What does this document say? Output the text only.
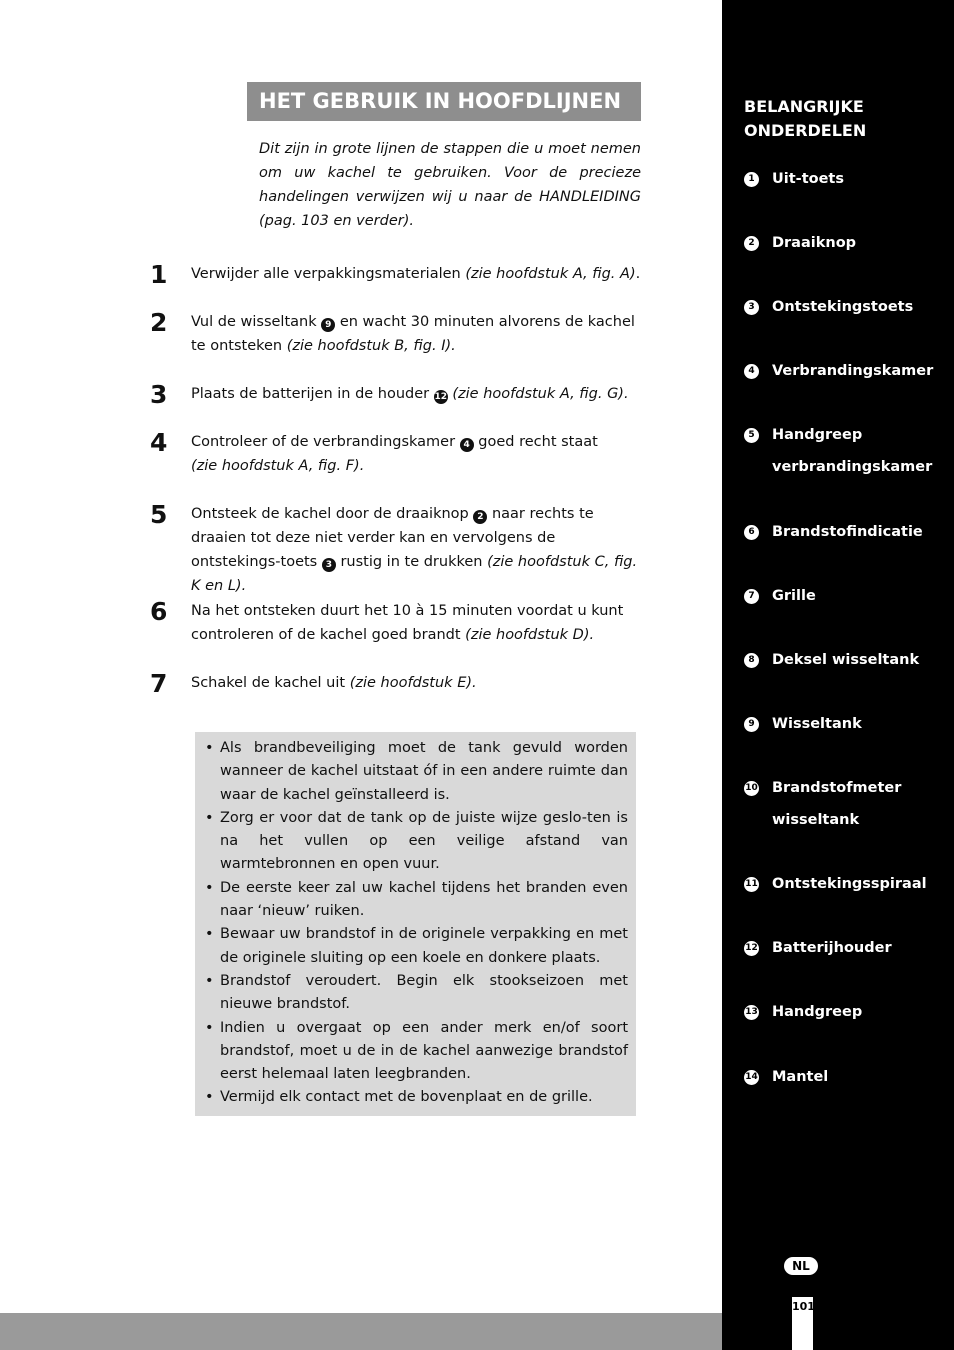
HET GEBRUIK IN HOOFDLIJNEN
Dit zijn in grote lijnen de stappen die u moet nemen om uw kachel te gebruiken. Voor de precieze handelingen verwijzen wij u naar de HANDLEIDING (pag. 103 en verder).
1	Verwijder alle verpakkingsmaterialen (zie hoofdstuk A, fig. A).
2	Vul de wisseltank 9 en wacht 30 minuten alvorens de kachel te ontsteken (zie hoofdstuk B, fig. I).
3	Plaats de batterijen in de houder 12 (zie hoofdstuk A, fig. G).
4	Controleer of de verbrandingskamer 4 goed recht staat
(zie hoofdstuk A, fig. F).
5	Ontsteek de kachel door de draaiknop 2 naar rechts te draaien tot deze niet verder kan en vervolgens de ontstekings-toets 3 rustig in te drukken (zie hoofdstuk C, fig. K en L).
6	Na het ontsteken duurt het 10 à 15 minuten voordat u kunt controleren of de kachel goed brandt (zie hoofdstuk D).
7	Schakel de kachel uit (zie hoofdstuk E).
• Als brandbeveiliging moet de tank gevuld worden wanneer de kachel uitstaat óf in een andere ruimte dan waar de kachel geïnstalleerd is.
• Zorg er voor dat de tank op de juiste wijze geslo-ten is na het vullen op een veilige afstand van warmtebronnen en open vuur.
• De eerste keer zal uw kachel tijdens het branden even naar ‘nieuw’ ruiken.
• Bewaar uw brandstof in de originele verpakking en met de originele sluiting op een koele en donkere plaats.
• Brandstof veroudert. Begin elk stookseizoen met nieuwe brandstof.
• Indien u overgaat op een ander merk en/of soort brandstof, moet u de in de kachel aanwezige brandstof eerst helemaal laten leegbranden.
• Vermijd elk contact met de bovenplaat en de grille.
BELANGRIJKE
ONDERDELEN
1	Uit-toets
2	Draaiknop
3	Ontstekingstoets
4	Verbrandingskamer
5	Handgreep verbrandingskamer
6	Brandstofindicatie
7	Grille
8	Deksel wisseltank
9	Wisseltank
10 Brandstofmeter wisseltank
11 Ontstekingsspiraal
12 Batterijhouder
13 Handgreep
14 Mantel
NL
101
